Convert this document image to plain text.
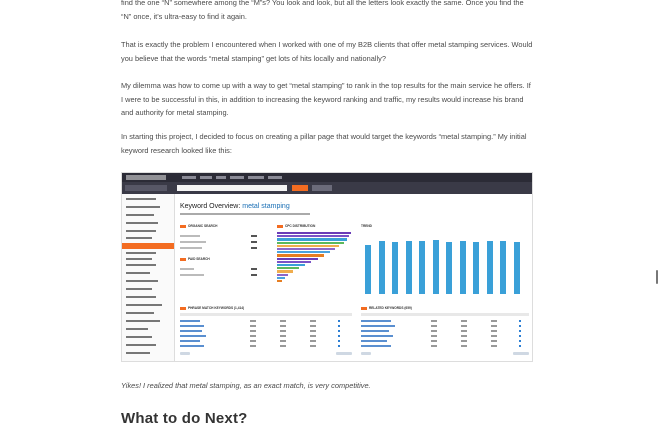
find the one “N” somewhere among the “M”s? You look and look, but all the letters look exactly the same. Once you find the “N” once, it’s ultra-easy to find it again.

That is exactly the problem I encountered when I worked with one of my B2B clients that offer metal stamping services. Would you believe that the words “metal stamping” get lots of hits locally and nationally?

My dilemma was how to come up with a way to get “metal stamping” to rank in the top results for the main service he offers. If I were to be successful in this, in addition to increasing the keyword ranking and traffic, my results would increase his brand and authority for metal stamping.

In starting this project, I decided to focus on creating a pillar page that would target the keywords “metal stamping.” My initial keyword research looked like this:

Yikes! I realized that metal stamping, as an exact match, is very competitive.

What to do Next?

Keyword Overview: metal stamping

ORGANIC SEARCH
PAID SEARCH
CPC DISTRIBUTION	TREND
PHRASE MATCH KEYWORDS (1,414)	RELATED KEYWORDS (659)
